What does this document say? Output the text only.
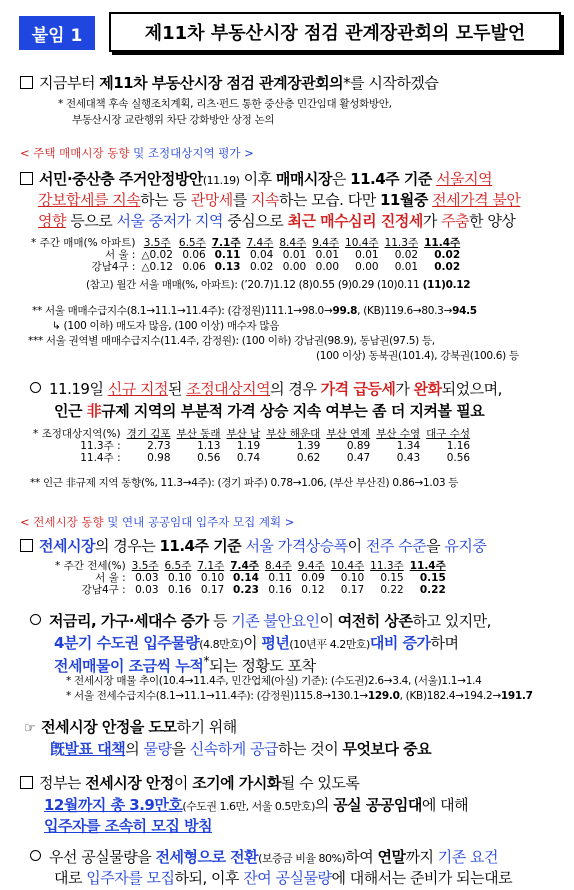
붙임 1	제11차 부동산시장 점검 관계장관회의 모두발언
지금부터 제11차 부동산시장 점검 관계장관회의*를 시작하겠습
* 전세대책 후속 실행조치계획, 리츠·펀드 통한 중산층 민간임대 활성화방안,
부동산시장 교란행위 차단 강화방안 상정 논의
< 주택 매매시장 동향 및 조정대상지역 평가 >
서민·중산층 주거안정방안(11.19) 이후 매매시장은 11.4주 기준 서울지역
강보합세를 지속하는 등 관망세를 지속하는 모습. 다만 11월중 전세가격 불안
영향 등으로 서울 중저가 지역 중심으로 최근 매수심리 진정세가 주춤한 양상
* 주간 매매(% 아파트)	3.5주	6.5주	7.1주	7.4주	8.4주	9.4주	10.4주	11.3주	11.4주
서 울 :	△0.02	0.06	0.11	0.04	0.01	0.01	0.01	0.02	0.02
강남4구 :	△0.12	0.06	0.13	0.02	0.00	0.00	0.00	0.01	0.02
(참고) 월간 서울 매매(%, 아파트): (’20.7)1.12 (8)0.55 (9)0.29 (10)0.11 (11)0.12
** 서울 매매수급지수(8.1→11.1→11.4주): (감정원)111.1→98.0→99.8, (KB)119.6→80.3→94.5
↳ (100 이하) 매도자 많음, (100 이상) 매수자 많음
*** 서울 권역별 매매수급지수(11.4주, 감정원): (100 이하) 강남권(98.9), 동남권(97.5) 등,
(100 이상) 동북권(101.4), 강북권(100.6) 등
11.19일 신규 지정된 조정대상지역의 경우 가격 급등세가 완화되었으며,
인근 非규제 지역의 부분적 가격 상승 지속 여부는 좀 더 지켜볼 필요
* 조정대상지역(%)	경기 김포	부산 동래	부산 남	부산 해운대	부산 연제	부산 수영	대구 수성
11.3주 :	2.73	1.13	1.19	1.39	0.89	1.34	1.16
11.4주 :	0.98	0.56	0.74	0.62	0.47	0.43	0.56
** 인근 非규제 지역 동향(%, 11.3→4주): (경기 파주) 0.78→1.06, (부산 부산진) 0.86→1.03 등
< 전세시장 동향 및 연내 공공임대 입주자 모집 계획 >
전세시장의 경우는 11.4주 기준 서울 가격상승폭이 전주 수준을 유지중
* 주간 전세(%)	3.5주	6.5주	7.1주	7.4주	8.4주	9.4주	10.4주	11.3주	11.4주
서 울 :	0.03	0.10	0.10	0.14	0.11	0.09	0.10	0.15	0.15
강남4구 :	0.03	0.16	0.17	0.23	0.16	0.12	0.17	0.22	0.22
저금리, 가구·세대수 증가 등 기존 불안요인이 여전히 상존하고 있지만,
4분기 수도권 입주물량(4.8만호)이 평년(10년平 4.2만호)대비 증가하며
전세매물이 조금씩 누적*되는 정황도 포착
* 전세시장 매물 추이(10.4→11.4주, 민간업체(아실) 기준): (수도권)2.6→3.4, (서울)1.1→1.4
* 서울 전세수급지수(8.1→11.1→11.4주): (감정원)115.8→130.1→129.0, (KB)182.4→194.2→191.7
☞ 전세시장 안정을 도모하기 위해
旣발표 대책의 물량을 신속하게 공급하는 것이 무엇보다 중요
정부는 전세시장 안정이 조기에 가시화될 수 있도록
12월까지 총 3.9만호(수도권 1.6만, 서울 0.5만호)의 공실 공공임대에 대해
입주자를 조속히 모집 방침
우선 공실물량을 전세형으로 전환(보증금 비율 80%)하여 연말까지 기존 요건
대로 입주자를 모집하되, 이후 잔여 공실물량에 대해서는 준비가 되는대로
